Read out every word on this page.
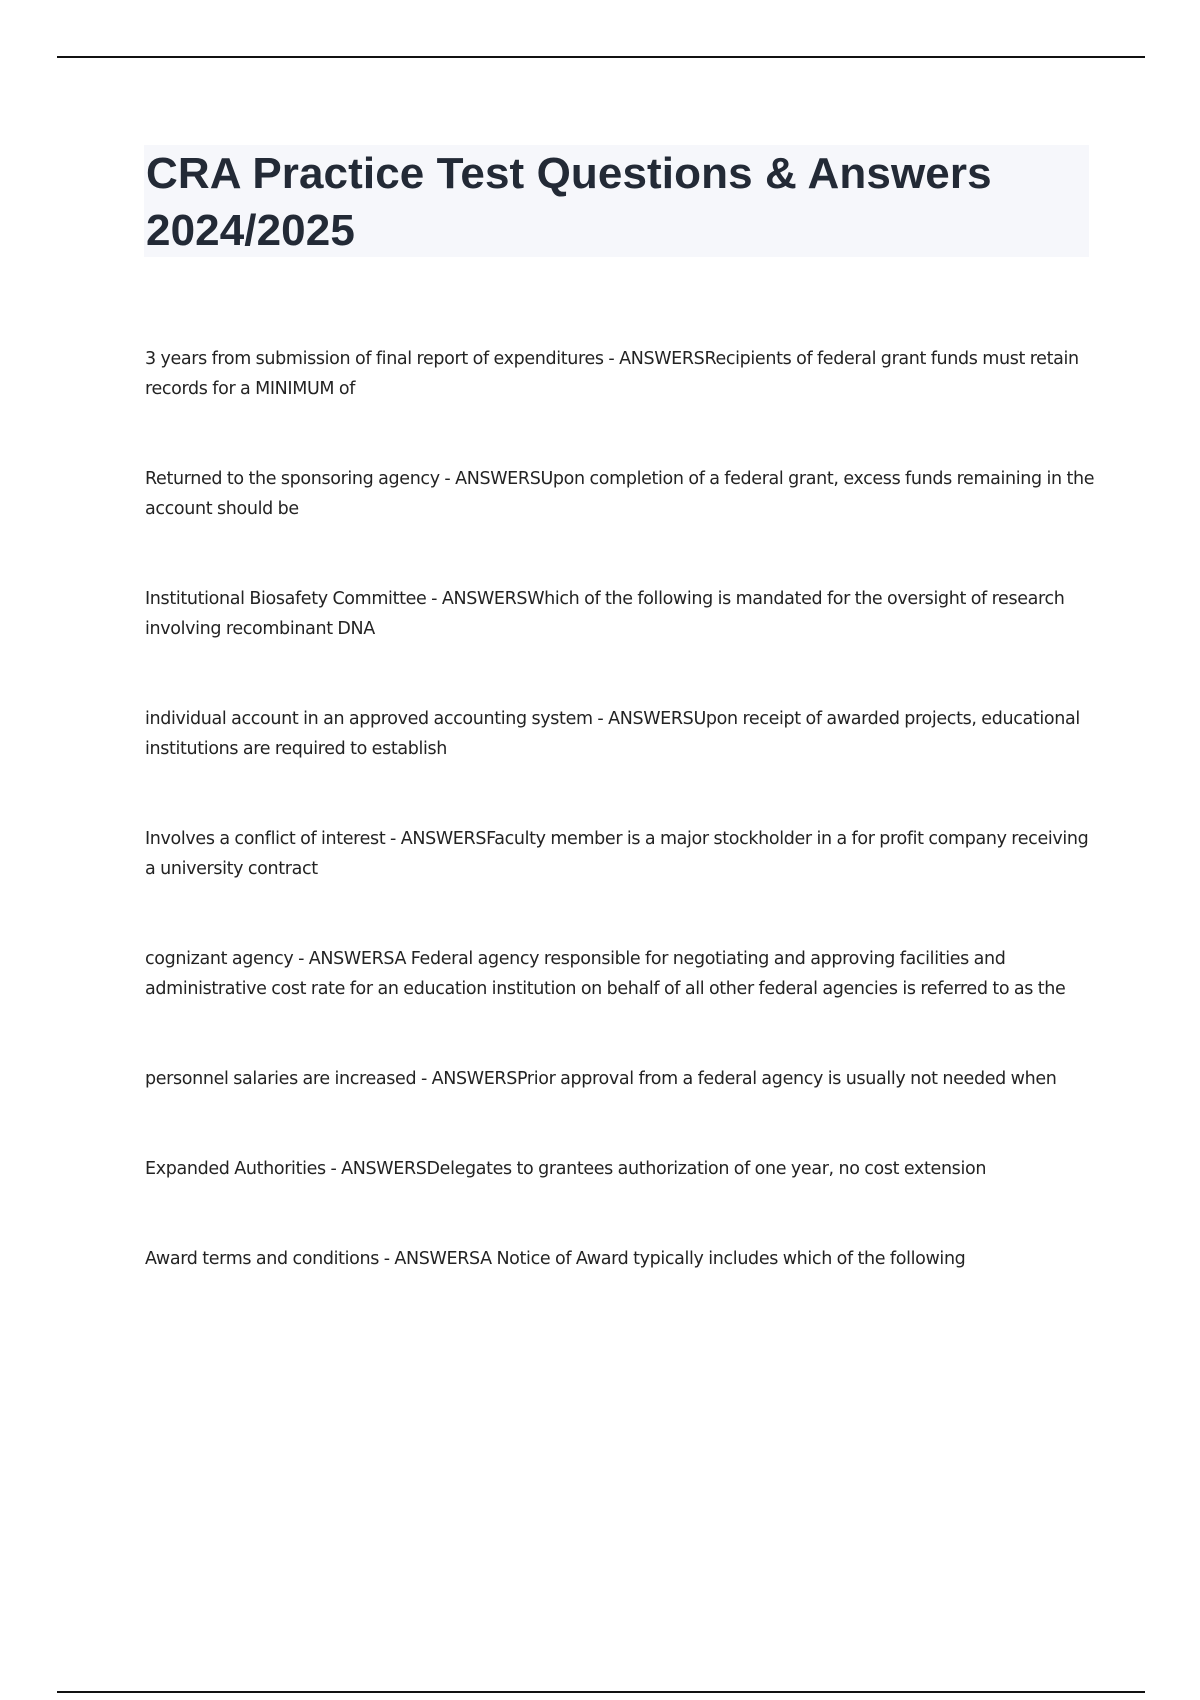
CRA Practice Test Questions & Answers 2024/2025
3 years from submission of final report of expenditures - ANSWERSRecipients of federal grant funds must retain records for a MINIMUM of
Returned to the sponsoring agency - ANSWERSUpon completion of a federal grant, excess funds remaining in the account should be
Institutional Biosafety Committee - ANSWERSWhich of the following is mandated for the oversight of research involving recombinant DNA
individual account in an approved accounting system - ANSWERSUpon receipt of awarded projects, educational institutions are required to establish
Involves a conflict of interest - ANSWERSFaculty member is a major stockholder in a for profit company receiving a university contract
cognizant agency - ANSWERSA Federal agency responsible for negotiating and approving facilities and administrative cost rate for an education institution on behalf of all other federal agencies is referred to as the
personnel salaries are increased - ANSWERSPrior approval from a federal agency is usually not needed when
Expanded Authorities - ANSWERSDelegates to grantees authorization of one year, no cost extension
Award terms and conditions - ANSWERSA Notice of Award typically includes which of the following
